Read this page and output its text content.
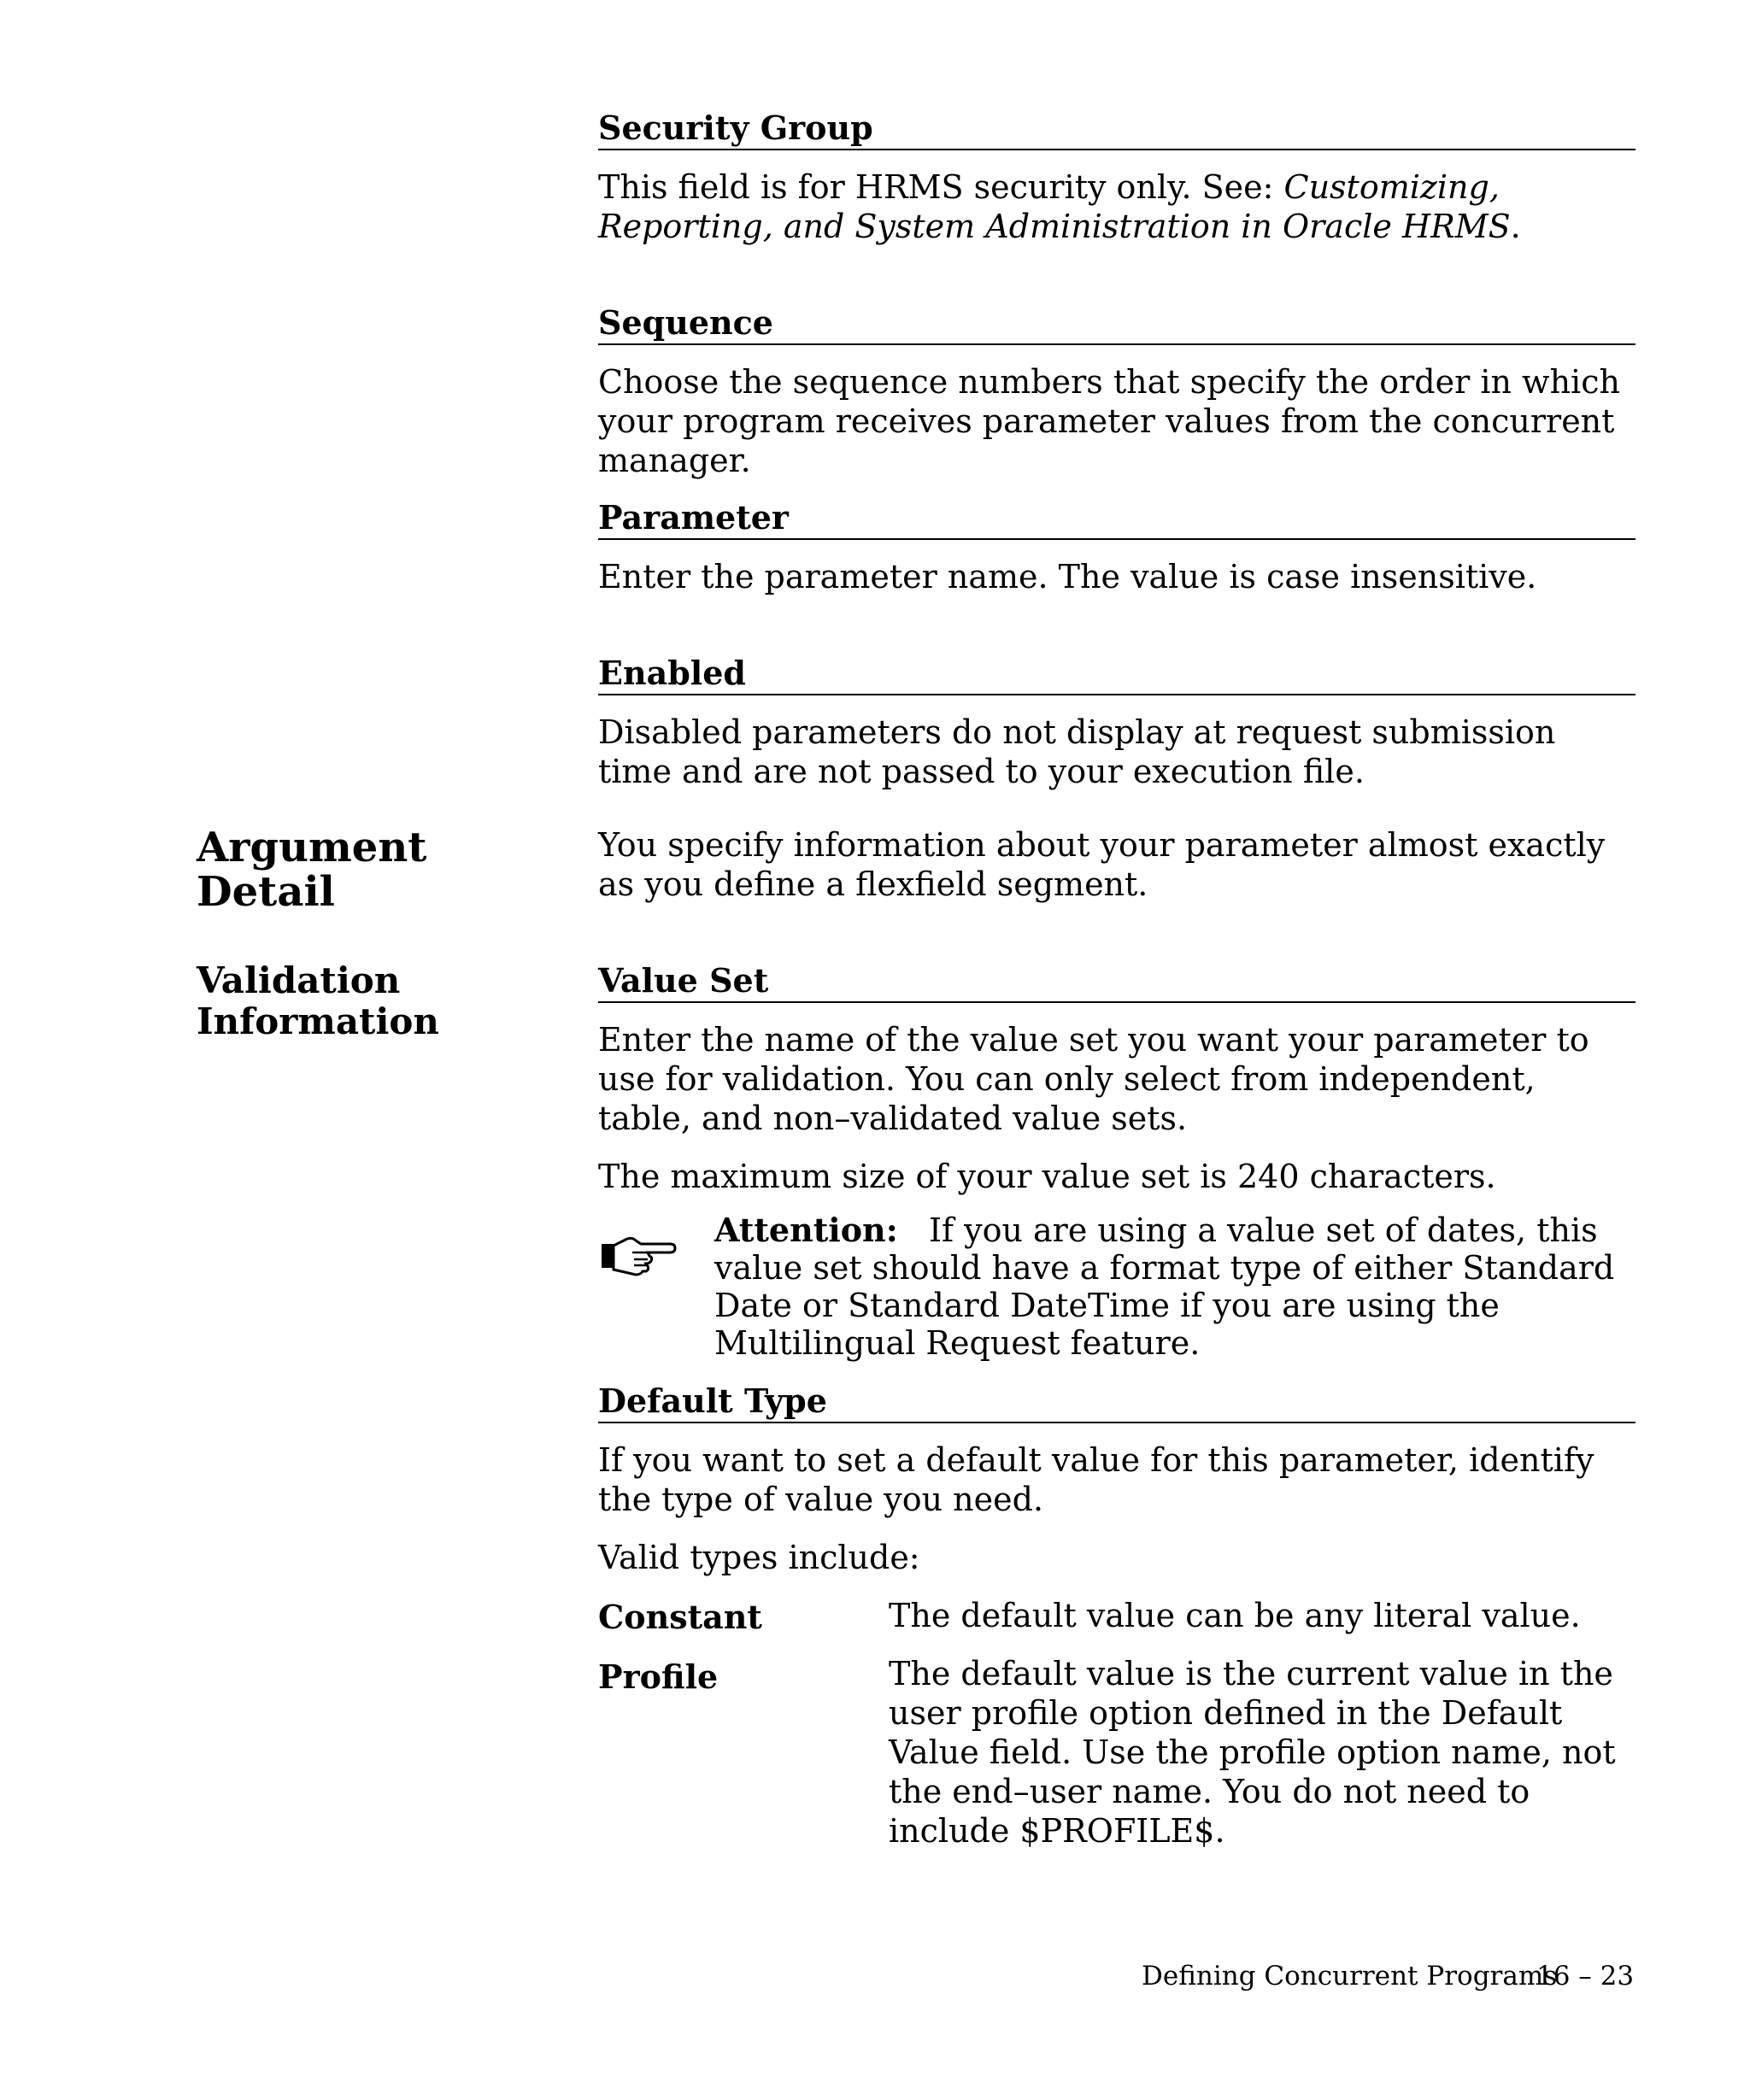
Security Group

This field is for HRMS security only. See: Customizing, Reporting, and System Administration in Oracle HRMS.

Sequence

Choose the sequence numbers that specify the order in which your program receives parameter values from the concurrent manager.

Parameter

Enter the parameter name. The value is case insensitive.

Enabled

Disabled parameters do not display at request submission time and are not passed to your execution file.

Argument Detail

You specify information about your parameter almost exactly as you define a flexfield segment.

Validation
Information
Value Set

Enter the name of the value set you want your parameter to use for validation. You can only select from independent, table, and non–validated value sets.

The maximum size of your value set is 240 characters.

Attention:   If you are using a value set of dates, this value set should have a format type of either Standard Date or Standard DateTime if you are using the Multilingual Request feature.

Default Type

If you want to set a default value for this parameter, identify the type of value you need.

Valid types include:

Constant	The default value can be any literal value.

Profile	The default value is the current value in the user profile option defined in the Default Value field. Use the profile option name, not the end–user name. You do not need to include $PROFILE$.

Defining Concurrent Programs
16 – 23
